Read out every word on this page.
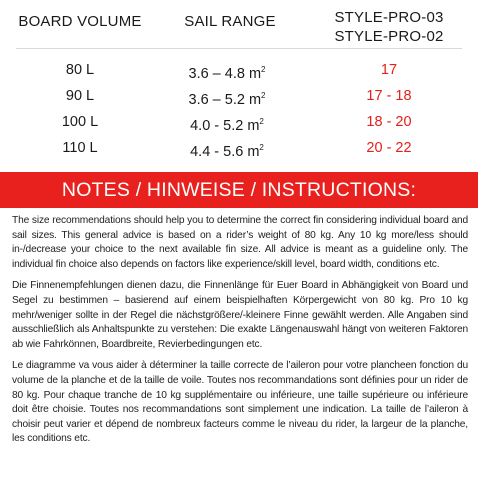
BOARD VOLUME	SAIL RANGE	STYLE-PRO-03
STYLE-PRO-02
80 L	3.6 – 4.8 $m^2$	17
90 L	3.6 – 5.2 $m^2$	17 - 18
100 L	4.0 - 5.2 $m^2$	18 - 20
110 L	4.4 - 5.6 $m^2$	20 - 22
NOTES / HINWEISE / INSTRUCTIONS:

The size recommendations should help you to determine the correct fin considering individual board and sail sizes. This general advice is based on a rider’s weight of 80 kg. Any 10 kg more/less should in-/decrease your choice to the next available fin size. All advice is meant as a guideline only. The individual fin choice also depends on factors like experience/skill level, board width, conditions etc.

Die Finnenempfehlungen dienen dazu, die Finnenlänge für Euer Board in Abhängigkeit von Board und Segel zu bestimmen – basierend auf einem beispielhaften Körpergewicht von 80 kg. Pro 10 kg mehr/weniger sollte in der Regel die nächstgrößere/-kleinere Finne gewählt werden. Alle Angaben sind ausschließlich als Anhaltspunkte zu verstehen: Die exakte Längenauswahl hängt von weiteren Faktoren ab wie Fahrkönnen, Boardbreite, Revierbedingungen etc.

Le diagramme va vous aider à déterminer la taille correcte de l’aileron pour votre plancheen fonction du volume de la planche et de la taille de voile. Toutes nos recommandations sont définies pour un rider de 80 kg. Pour chaque tranche de 10 kg supplémentaire ou inférieure, une taille supérieure ou inférieure doit être choisie. Toutes nos recommandations sont simplement une indication. La taille de l’aileron à choisir peut varier et dépend de nombreux facteurs comme le niveau du rider, la largeur de la planche, les conditions etc.
